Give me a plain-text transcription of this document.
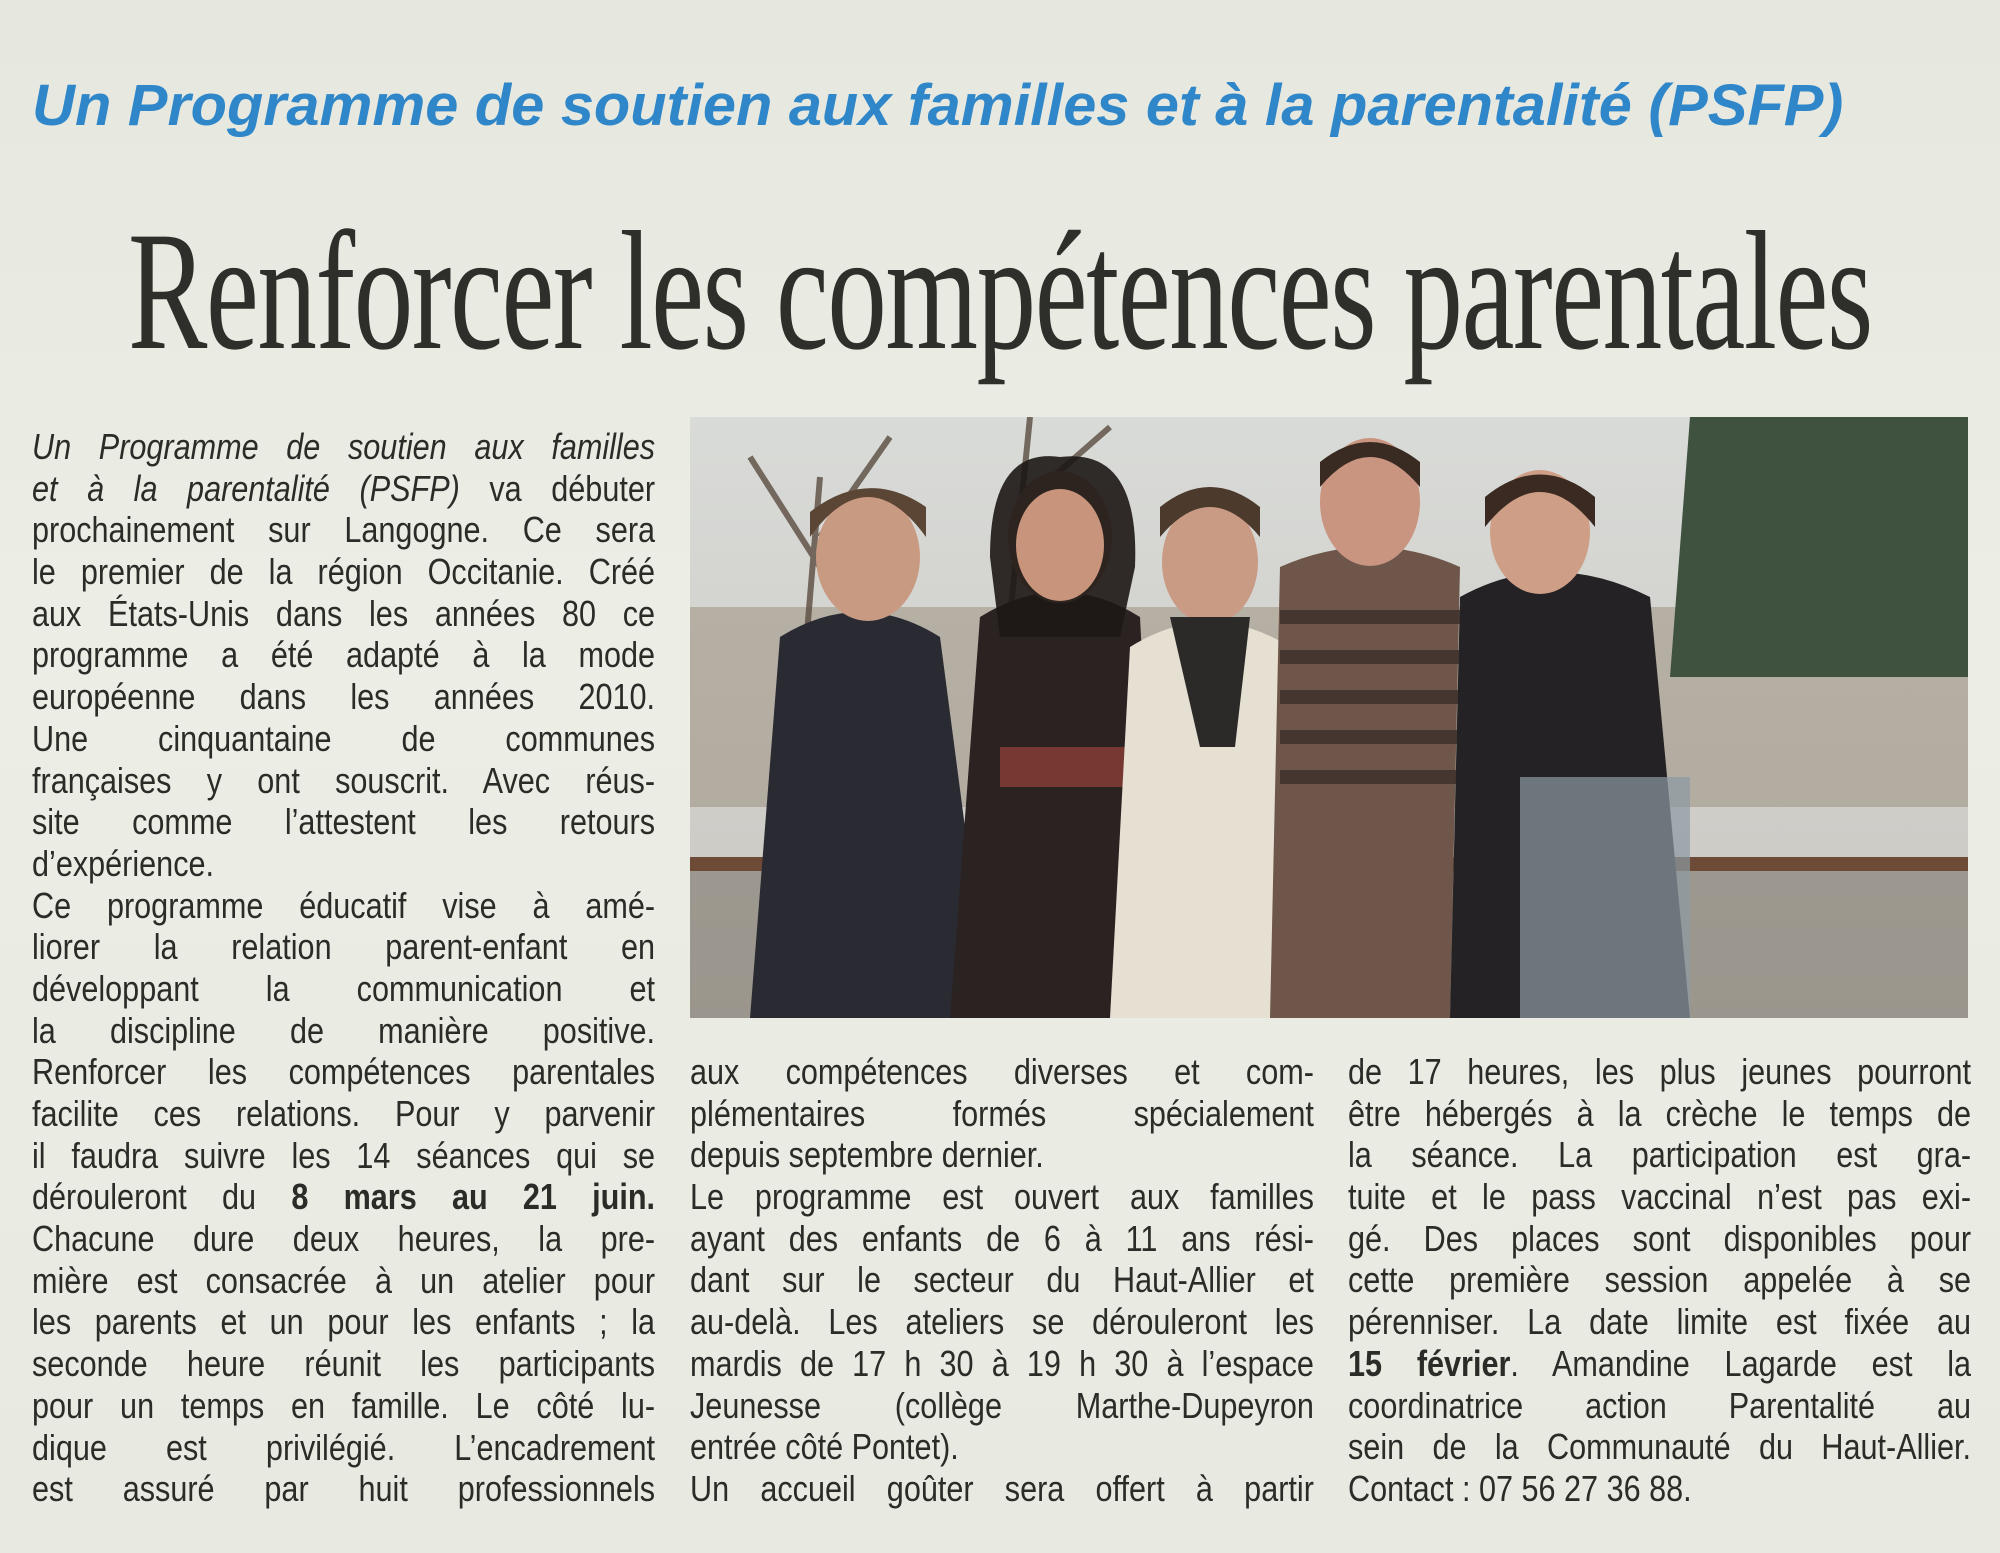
Un Programme de soutien aux familles et à la parentalité (PSFP)
Renforcer les compétences parentales
Un Programme de soutien aux familles
et à la parentalité (PSFP) va débuter
prochainement sur Langogne. Ce sera
le premier de la région Occitanie. Créé
aux États-Unis dans les années 80 ce
programme a été adapté à la mode
européenne dans les années 2010.
Une cinquantaine de communes
françaises y ont souscrit. Avec réus-
site comme l’attestent les retours
d’expérience.
Ce programme éducatif vise à amé-
liorer la relation parent-enfant en
développant la communication et
la discipline de manière positive.
Renforcer les compétences parentales
facilite ces relations. Pour y parvenir
il faudra suivre les 14 séances qui se
dérouleront du 8 mars au 21 juin.
Chacune dure deux heures, la pre-
mière est consacrée à un atelier pour
les parents et un pour les enfants ; la
seconde heure réunit les participants
pour un temps en famille. Le côté lu-
dique est privilégié. L’encadrement
est assuré par huit professionnels
aux compétences diverses et com-
plémentaires formés spécialement
depuis septembre dernier.
Le programme est ouvert aux familles
ayant des enfants de 6 à 11 ans rési-
dant sur le secteur du Haut-Allier et
au-delà. Les ateliers se dérouleront les
mardis de 17 h 30 à 19 h 30 à l’espace
Jeunesse (collège Marthe-Dupeyron
entrée côté Pontet).
Un accueil goûter sera offert à partir
de 17 heures, les plus jeunes pourront
être hébergés à la crèche le temps de
la séance. La participation est gra-
tuite et le pass vaccinal n’est pas exi-
gé. Des places sont disponibles pour
cette première session appelée à se
pérenniser. La date limite est fixée au
15 février. Amandine Lagarde est la
coordinatrice action Parentalité au
sein de la Communauté du Haut-Allier.
Contact : 07 56 27 36 88.
